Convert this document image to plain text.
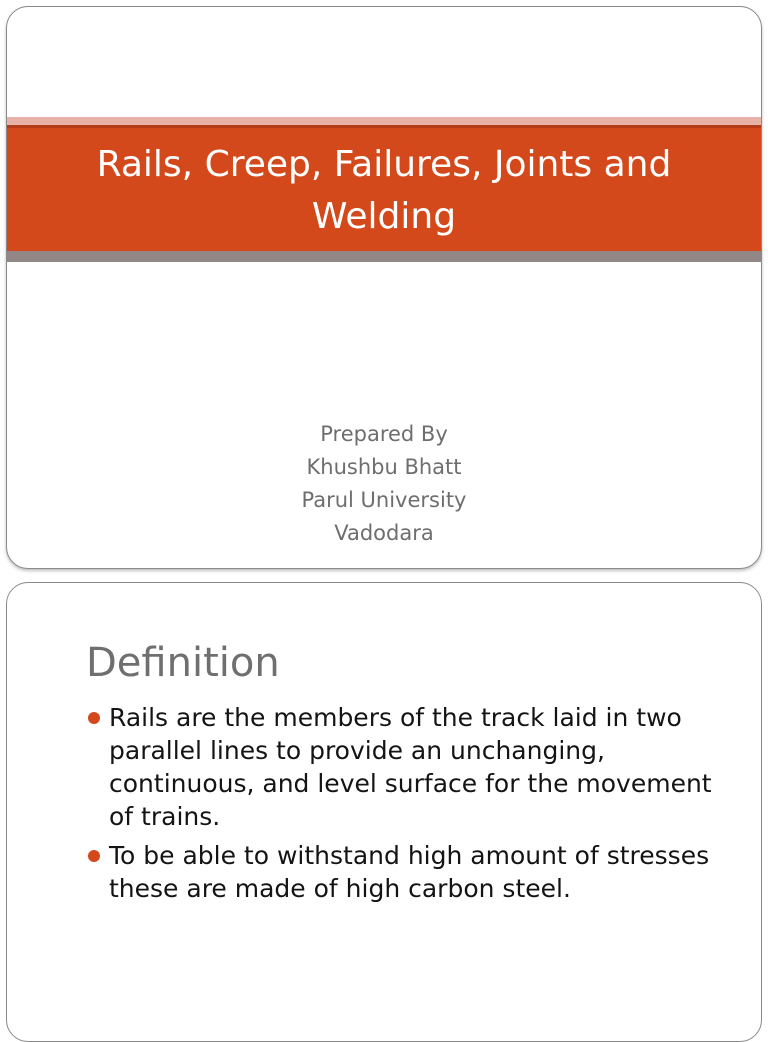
Rails, Creep, Failures, Joints and Welding
Prepared By
Khushbu Bhatt
Parul University
Vadodara
Definition
Rails are the members of the track laid in two parallel lines to provide an unchanging, continuous, and level surface for the movement of trains.
To be able to withstand high amount of stresses these are made of high carbon steel.
